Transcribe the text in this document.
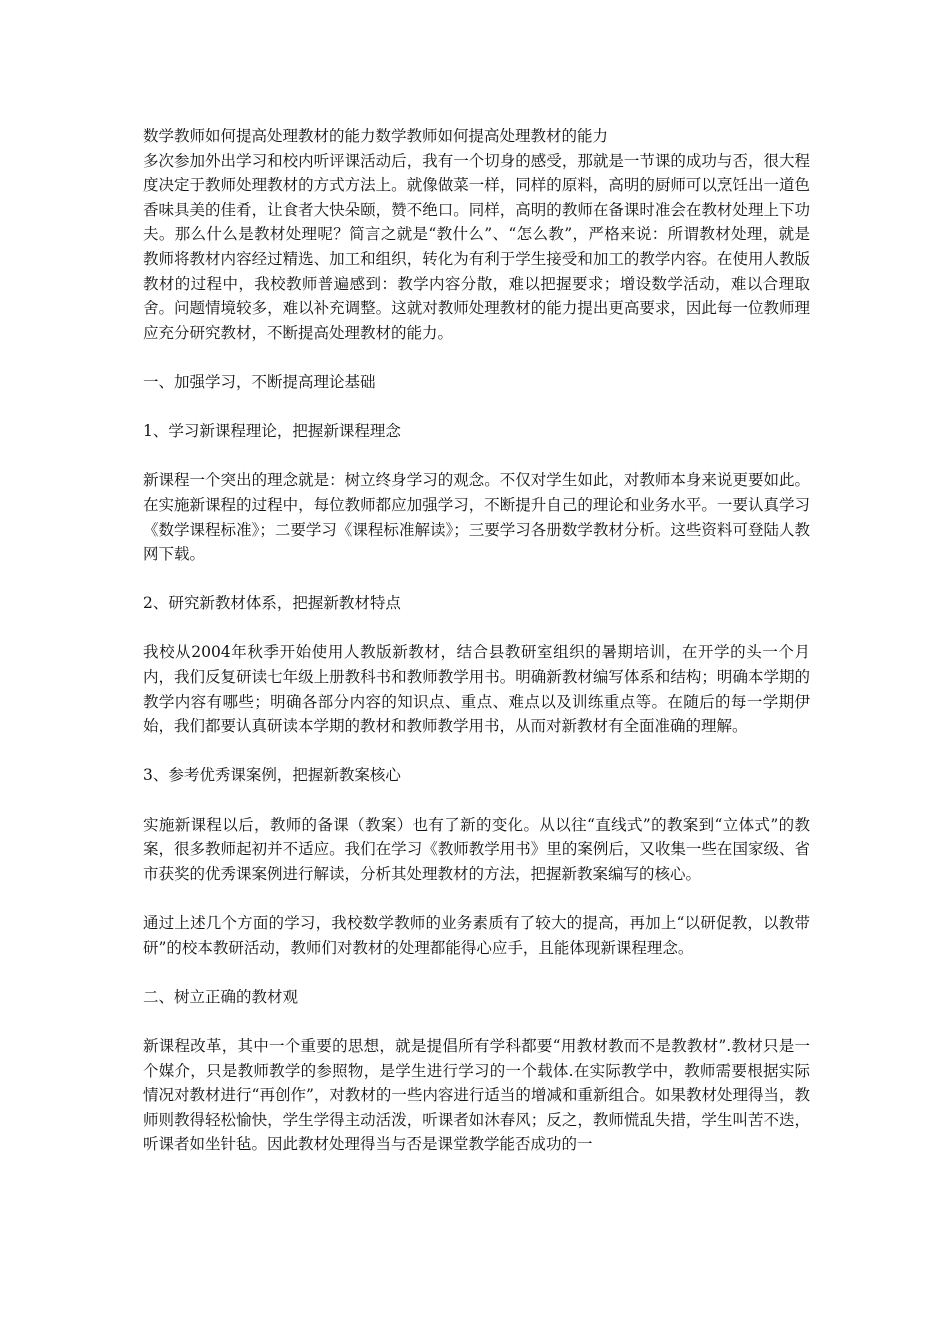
数学教师如何提高处理教材的能力数学教师如何提高处理教材的能力

多次参加外出学习和校内听评课活动后，我有一个切身的感受，那就是一节课的成功与否，很大程度决定于教师处理教材的方式方法上。就像做菜一样，同样的原料，高明的厨师可以烹饪出一道色香味具美的佳肴，让食者大快朵颐，赞不绝口。同样，高明的教师在备课时准会在教材处理上下功夫。那么什么是教材处理呢？简言之就是“教什么”、“怎么教”，严格来说：所谓教材处理，就是教师将教材内容经过精选、加工和组织，转化为有利于学生接受和加工的教学内容。在使用人教版教材的过程中，我校教师普遍感到：教学内容分散，难以把握要求；增设数学活动，难以合理取舍。问题情境较多，难以补充调整。这就对教师处理教材的能力提出更高要求，因此每一位教师理应充分研究教材，不断提高处理教材的能力。

一、加强学习，不断提高理论基础
1、学习新课程理论，把握新课程理念

新课程一个突出的理念就是：树立终身学习的观念。不仅对学生如此，对教师本身来说更要如此。在实施新课程的过程中，每位教师都应加强学习，不断提升自己的理论和业务水平。一要认真学习《数学课程标准》；二要学习《课程标准解读》；三要学习各册数学教材分析。这些资料可登陆人教网下载。

2、研究新教材体系，把握新教材特点

我校从2004年秋季开始使用人教版新教材，结合县教研室组织的暑期培训，在开学的头一个月内，我们反复研读七年级上册教科书和教师教学用书。明确新教材编写体系和结构；明确本学期的教学内容有哪些；明确各部分内容的知识点、重点、难点以及训练重点等。在随后的每一学期伊始，我们都要认真研读本学期的教材和教师教学用书，从而对新教材有全面准确的理解。

3、参考优秀课案例，把握新教案核心

实施新课程以后，教师的备课（教案）也有了新的变化。从以往“直线式”的教案到“立体式”的教案，很多教师起初并不适应。我们在学习《教师教学用书》里的案例后，又收集一些在国家级、省市获奖的优秀课案例进行解读，分析其处理教材的方法，把握新教案编写的核心。

通过上述几个方面的学习，我校数学教师的业务素质有了较大的提高，再加上“以研促教，以教带研”的校本教研活动，教师们对教材的处理都能得心应手，且能体现新课程理念。

二、树立正确的教材观

新课程改革，其中一个重要的思想，就是提倡所有学科都要“用教材教而不是教教材”.教材只是一个媒介，只是教师教学的参照物，是学生进行学习的一个载体.在实际教学中，教师需要根据实际情况对教材进行“再创作”，对教材的一些内容进行适当的增减和重新组合。如果教材处理得当，教师则教得轻松愉快，学生学得主动活泼，听课者如沐春风；反之，教师慌乱失措，学生叫苦不迭，听课者如坐针毡。因此教材处理得当与否是课堂教学能否成功的一
